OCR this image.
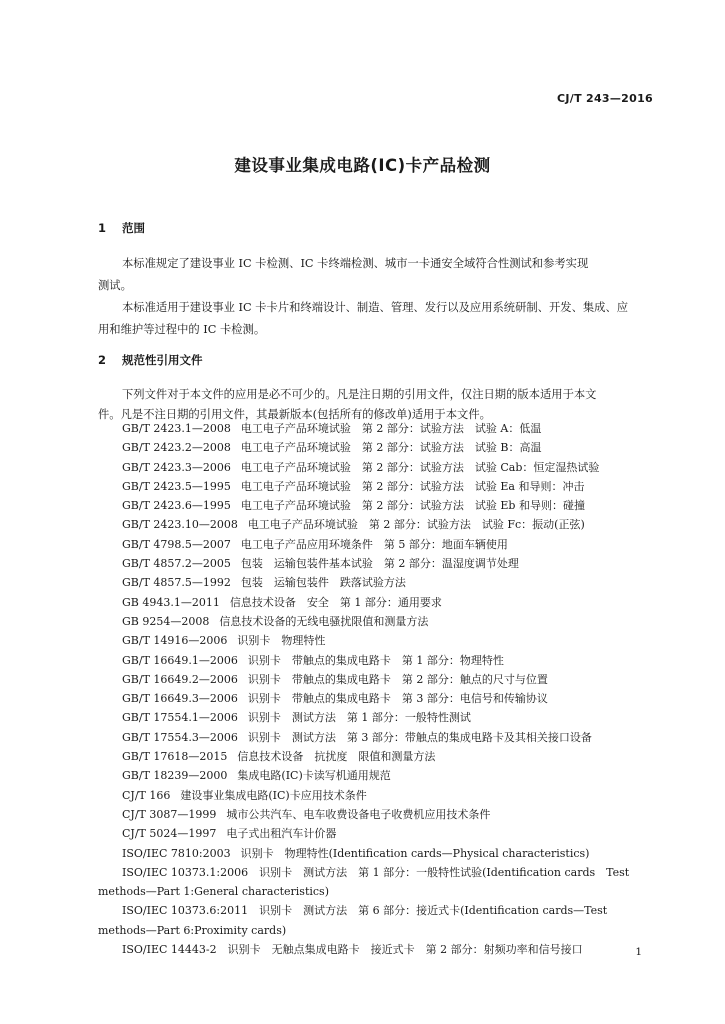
CJ/T 243—2016
建设事业集成电路(IC)卡产品检测
1 范围
本标准规定了建设事业 IC 卡检测、IC 卡终端检测、城市一卡通安全域符合性测试和参考实现
测试。
本标准适用于建设事业 IC 卡卡片和终端设计、制造、管理、发行以及应用系统研制、开发、集成、应
用和维护等过程中的 IC 卡检测。
2 规范性引用文件
下列文件对于本文件的应用是必不可少的。凡是注日期的引用文件，仅注日期的版本适用于本文
件。凡是不注日期的引用文件，其最新版本(包括所有的修改单)适用于本文件。
GB/T 2423.1—2008 电工电子产品环境试验　第 2 部分：试验方法　试验 A：低温
GB/T 2423.2—2008 电工电子产品环境试验　第 2 部分：试验方法　试验 B：高温
GB/T 2423.3—2006 电工电子产品环境试验　第 2 部分：试验方法　试验 Cab：恒定湿热试验
GB/T 2423.5—1995 电工电子产品环境试验　第 2 部分：试验方法　试验 Ea 和导则：冲击
GB/T 2423.6—1995 电工电子产品环境试验　第 2 部分：试验方法　试验 Eb 和导则：碰撞
GB/T 2423.10—2008 电工电子产品环境试验　第 2 部分：试验方法　试验 Fc：振动(正弦)
GB/T 4798.5—2007 电工电子产品应用环境条件　第 5 部分：地面车辆使用
GB/T 4857.2—2005 包装　运输包装件基本试验　第 2 部分：温湿度调节处理
GB/T 4857.5—1992 包装　运输包装件　跌落试验方法
GB 4943.1—2011 信息技术设备　安全　第 1 部分：通用要求
GB 9254—2008 信息技术设备的无线电骚扰限值和测量方法
GB/T 14916—2006 识别卡　物理特性
GB/T 16649.1—2006 识别卡　带触点的集成电路卡　第 1 部分：物理特性
GB/T 16649.2—2006 识别卡　带触点的集成电路卡　第 2 部分：触点的尺寸与位置
GB/T 16649.3—2006 识别卡　带触点的集成电路卡　第 3 部分：电信号和传输协议
GB/T 17554.1—2006 识别卡　测试方法　第 1 部分：一般特性测试
GB/T 17554.3—2006 识别卡　测试方法　第 3 部分：带触点的集成电路卡及其相关接口设备
GB/T 17618—2015 信息技术设备　抗扰度　限值和测量方法
GB/T 18239—2000 集成电路(IC)卡读写机通用规范
CJ/T 166 建设事业集成电路(IC)卡应用技术条件
CJ/T 3087—1999 城市公共汽车、电车收费设备电子收费机应用技术条件
CJ/T 5024—1997 电子式出租汽车计价器
ISO/IEC 7810:2003 识别卡　物理特性(Identification cards—Physical characteristics)
ISO/IEC 10373.1:2006　识别卡　测试方法　第 1 部分：一般特性试验(Identification cards　Test
methods—Part 1:General characteristics)
ISO/IEC 10373.6:2011　识别卡　测试方法　第 6 部分：接近式卡(Identification cards—Test
methods—Part 6:Proximity cards)
ISO/IEC 14443-2　识别卡　无触点集成电路卡　接近式卡　第 2 部分：射频功率和信号接口	1
